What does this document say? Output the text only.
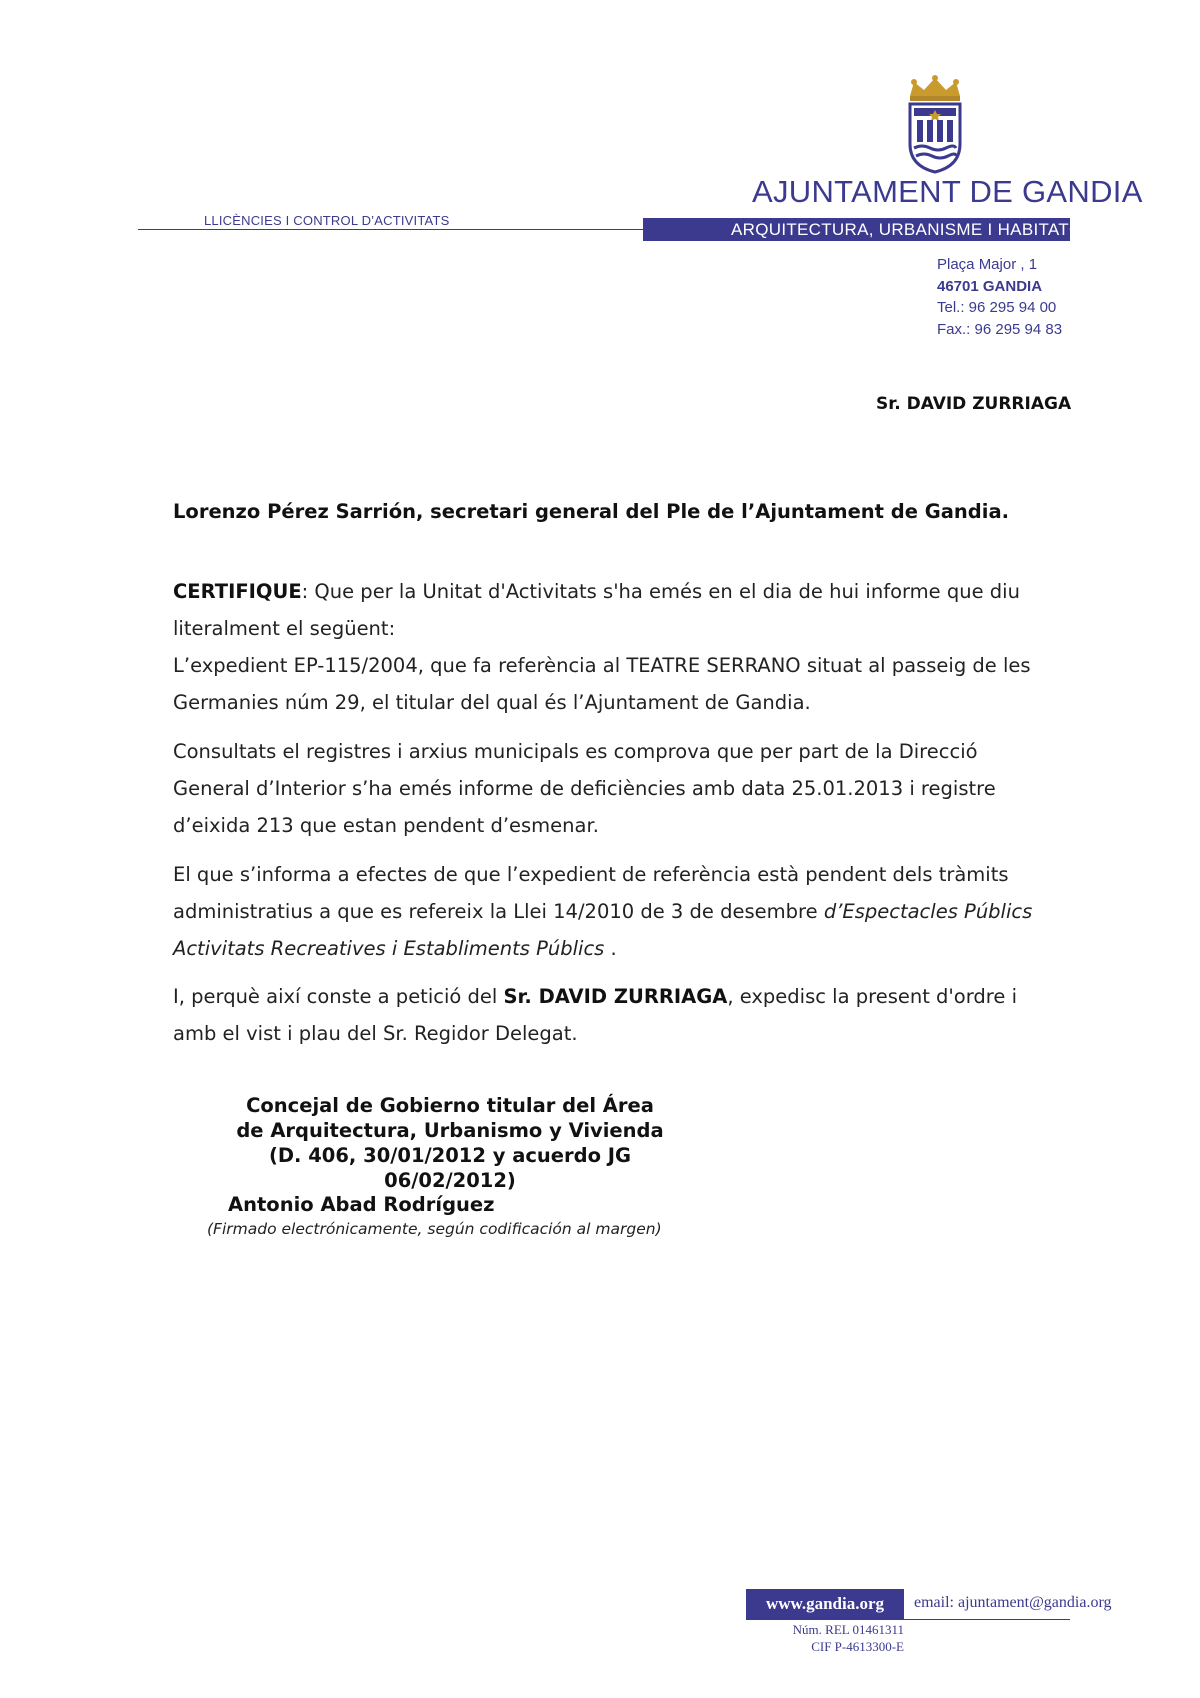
AJUNTAMENT DE GANDIA
LLICÈNCIES I CONTROL D’ACTIVITATS	ARQUITECTURA, URBANISME I HABITATGE
Plaça Major , 1
46701 GANDIA
Tel.: 96 295 94 00
Fax.: 96 295 94 83
Sr. DAVID ZURRIAGA
Lorenzo Pérez Sarrión, secretari general del Ple de l’Ajuntament de Gandia.
CERTIFIQUE: Que per la Unitat d'Activitats s'ha emés en el dia de hui informe que diu
literalment el següent:
L’expedient EP-115/2004, que fa referència al TEATRE SERRANO situat al passeig de les
Germanies núm 29, el titular del qual és l’Ajuntament de Gandia.
Consultats el registres i arxius municipals es comprova que per part de la Direcció
General d’Interior s’ha emés informe de deficiències amb data 25.01.2013 i registre
d’eixida 213 que estan pendent d’esmenar.
El que s’informa a efectes de que l’expedient de referència està pendent dels tràmits
administratius a que es refereix la Llei 14/2010 de 3 de desembre d’Espectacles Públics
Activitats Recreatives i Establiments Públics .
I, perquè així conste a petició del Sr. DAVID ZURRIAGA, expedisc la present d'ordre i
amb el vist i plau del Sr. Regidor Delegat.
Concejal de Gobierno titular del Área
de Arquitectura, Urbanismo y Vivienda
(D. 406, 30/01/2012 y acuerdo JG
06/02/2012)
Antonio Abad Rodríguez
(Firmado electrónicamente, según codificación al margen)
www.gandia.org	email: ajuntament@gandia.org
Núm. REL 01461311
CIF P-4613300-E
